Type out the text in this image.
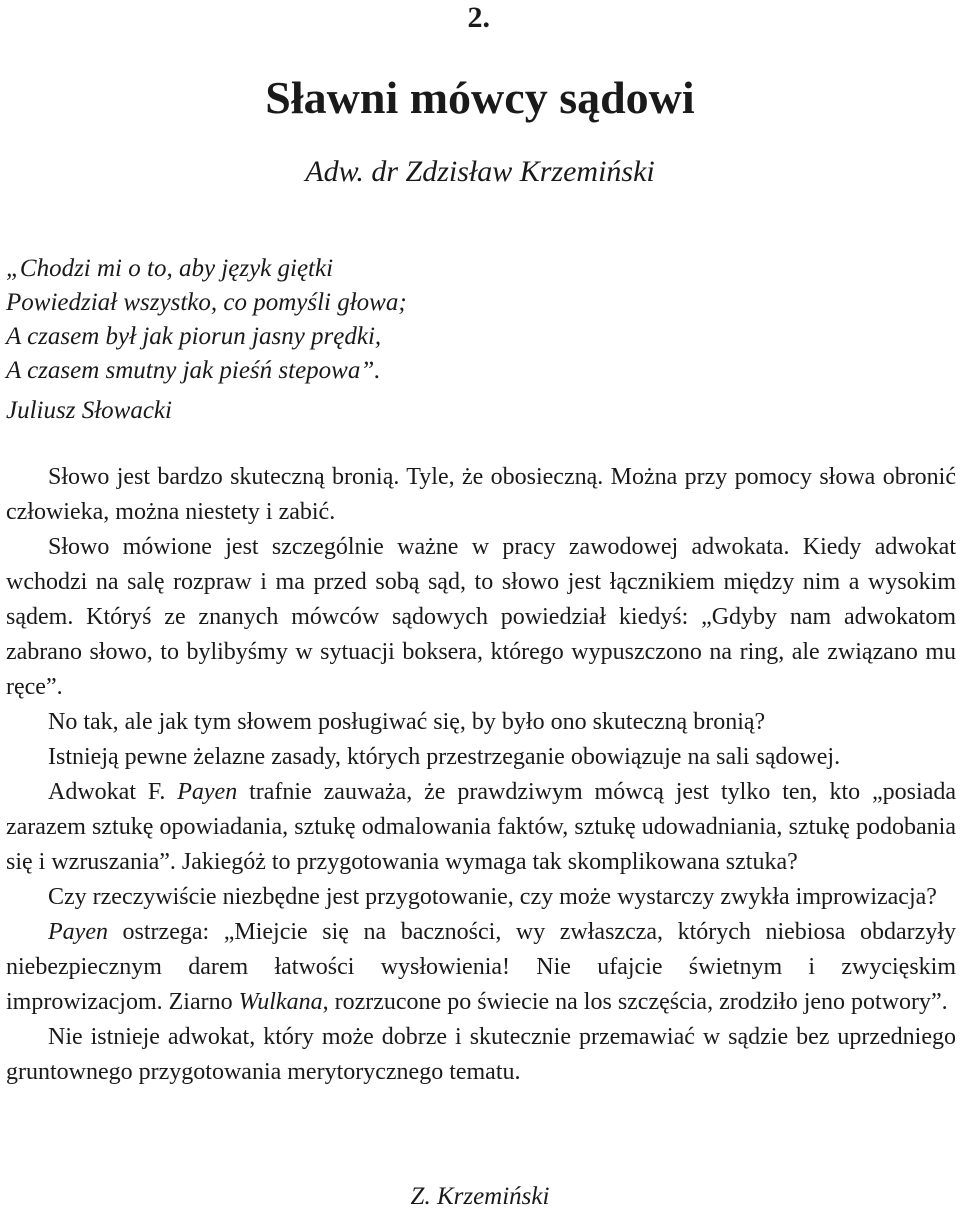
2.
Sławni mówcy sądowi
Adw. dr Zdzisław Krzemiński

„Chodzi mi o to, aby język giętki

Powiedział wszystko, co pomyśli głowa;

A czasem był jak piorun jasny prędki,

A czasem smutny jak pieśń stepowa”.

Juliusz Słowacki

Słowo jest bardzo skuteczną bronią. Tyle, że obosieczną. Można przy pomocy słowa obronić człowieka, można niestety i zabić.

Słowo mówione jest szczególnie ważne w pracy zawodowej adwokata. Kiedy adwokat wchodzi na salę rozpraw i ma przed sobą sąd, to słowo jest łącznikiem między nim a wysokim sądem. Któryś ze znanych mówców sądowych powiedział kiedyś: „Gdyby nam adwokatom zabrano słowo, to bylibyśmy w sytuacji boksera, którego wypuszczono na ring, ale związano mu ręce”.

No tak, ale jak tym słowem posługiwać się, by było ono skuteczną bronią?

Istnieją pewne żelazne zasady, których przestrzeganie obowiązuje na sali sądowej.

Adwokat F. Payen trafnie zauważa, że prawdziwym mówcą jest tylko ten, kto „posiada zarazem sztukę opowiadania, sztukę odmalowania faktów, sztukę udowadniania, sztukę podobania się i wzruszania”. Jakiegóż to przygotowania wymaga tak skomplikowana sztuka?

Czy rzeczywiście niezbędne jest przygotowanie, czy może wystarczy zwykła improwizacja?

Payen ostrzega: „Miejcie się na baczności, wy zwłaszcza, których niebiosa obdarzyły niebezpiecznym darem łatwości wysłowienia! Nie ufajcie świetnym i zwycięskim improwizacjom. Ziarno Wulkana, rozrzucone po świecie na los szczęścia, zrodziło jeno potwory”.

Nie istnieje adwokat, który może dobrze i skutecznie przemawiać w sądzie bez uprzedniego gruntownego przygotowania merytorycznego tematu.

Z. Krzemiński
